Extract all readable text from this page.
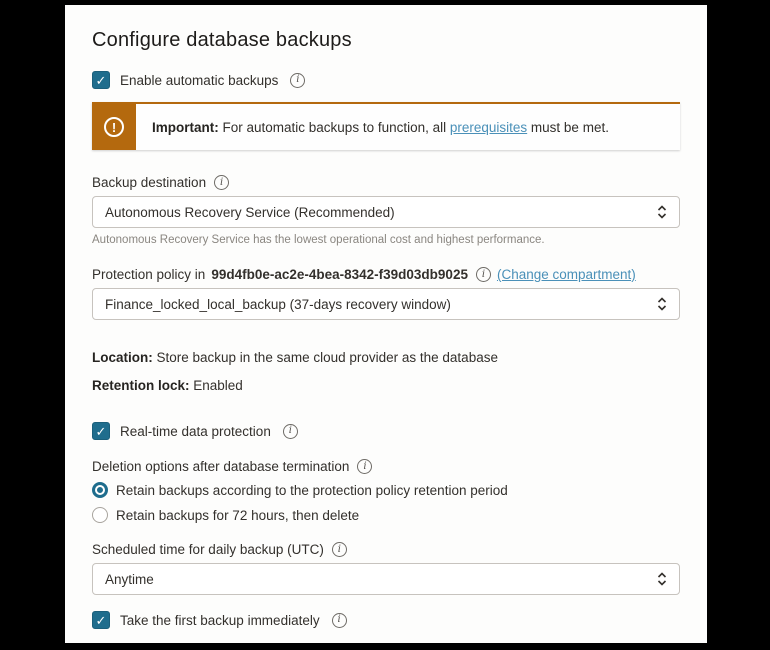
Configure database backups
✓ Enable automatic backups	i
!	Important: For automatic backups to function, all prerequisites must be met.
Backup destination	i
Autonomous Recovery Service (Recommended)
Autonomous Recovery Service has the lowest operational cost and highest performance.
Protection policy in 99d4fb0e-ac2e-4bea-8342-f39d03db9025	i (Change compartment)
Finance_locked_local_backup (37-days recovery window)
Location: Store backup in the same cloud provider as the database
Retention lock: Enabled
✓ Real-time data protection	i
Deletion options after database termination	i
Retain backups according to the protection policy retention period
Retain backups for 72 hours, then delete
Scheduled time for daily backup (UTC)	i
Anytime
✓ Take the first backup immediately	i
